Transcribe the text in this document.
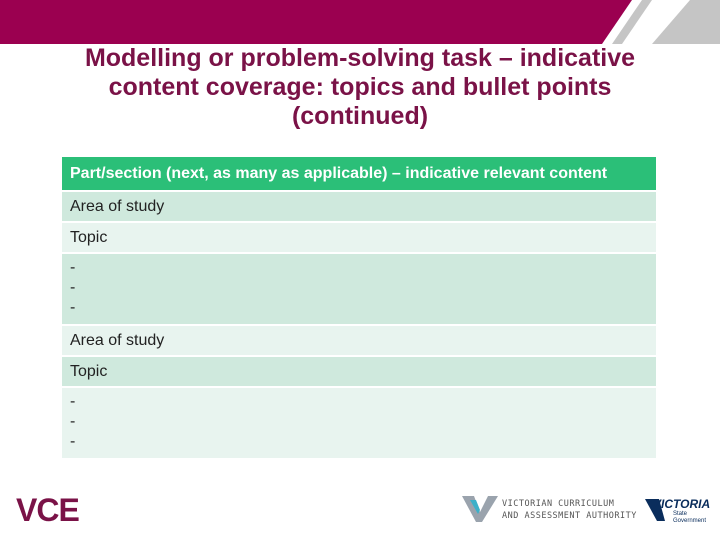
Modelling or problem-solving task – indicative content coverage: topics and bullet points (continued)
Part/section (next, as many as applicable) – indicative relevant content
Area of study
Topic

-
-
-

Area of study
Topic

-
-
-
VCE	VICTORIAN CURRICULUM
AND ASSESSMENT AUTHORITY
VICTORIA
State
Government
